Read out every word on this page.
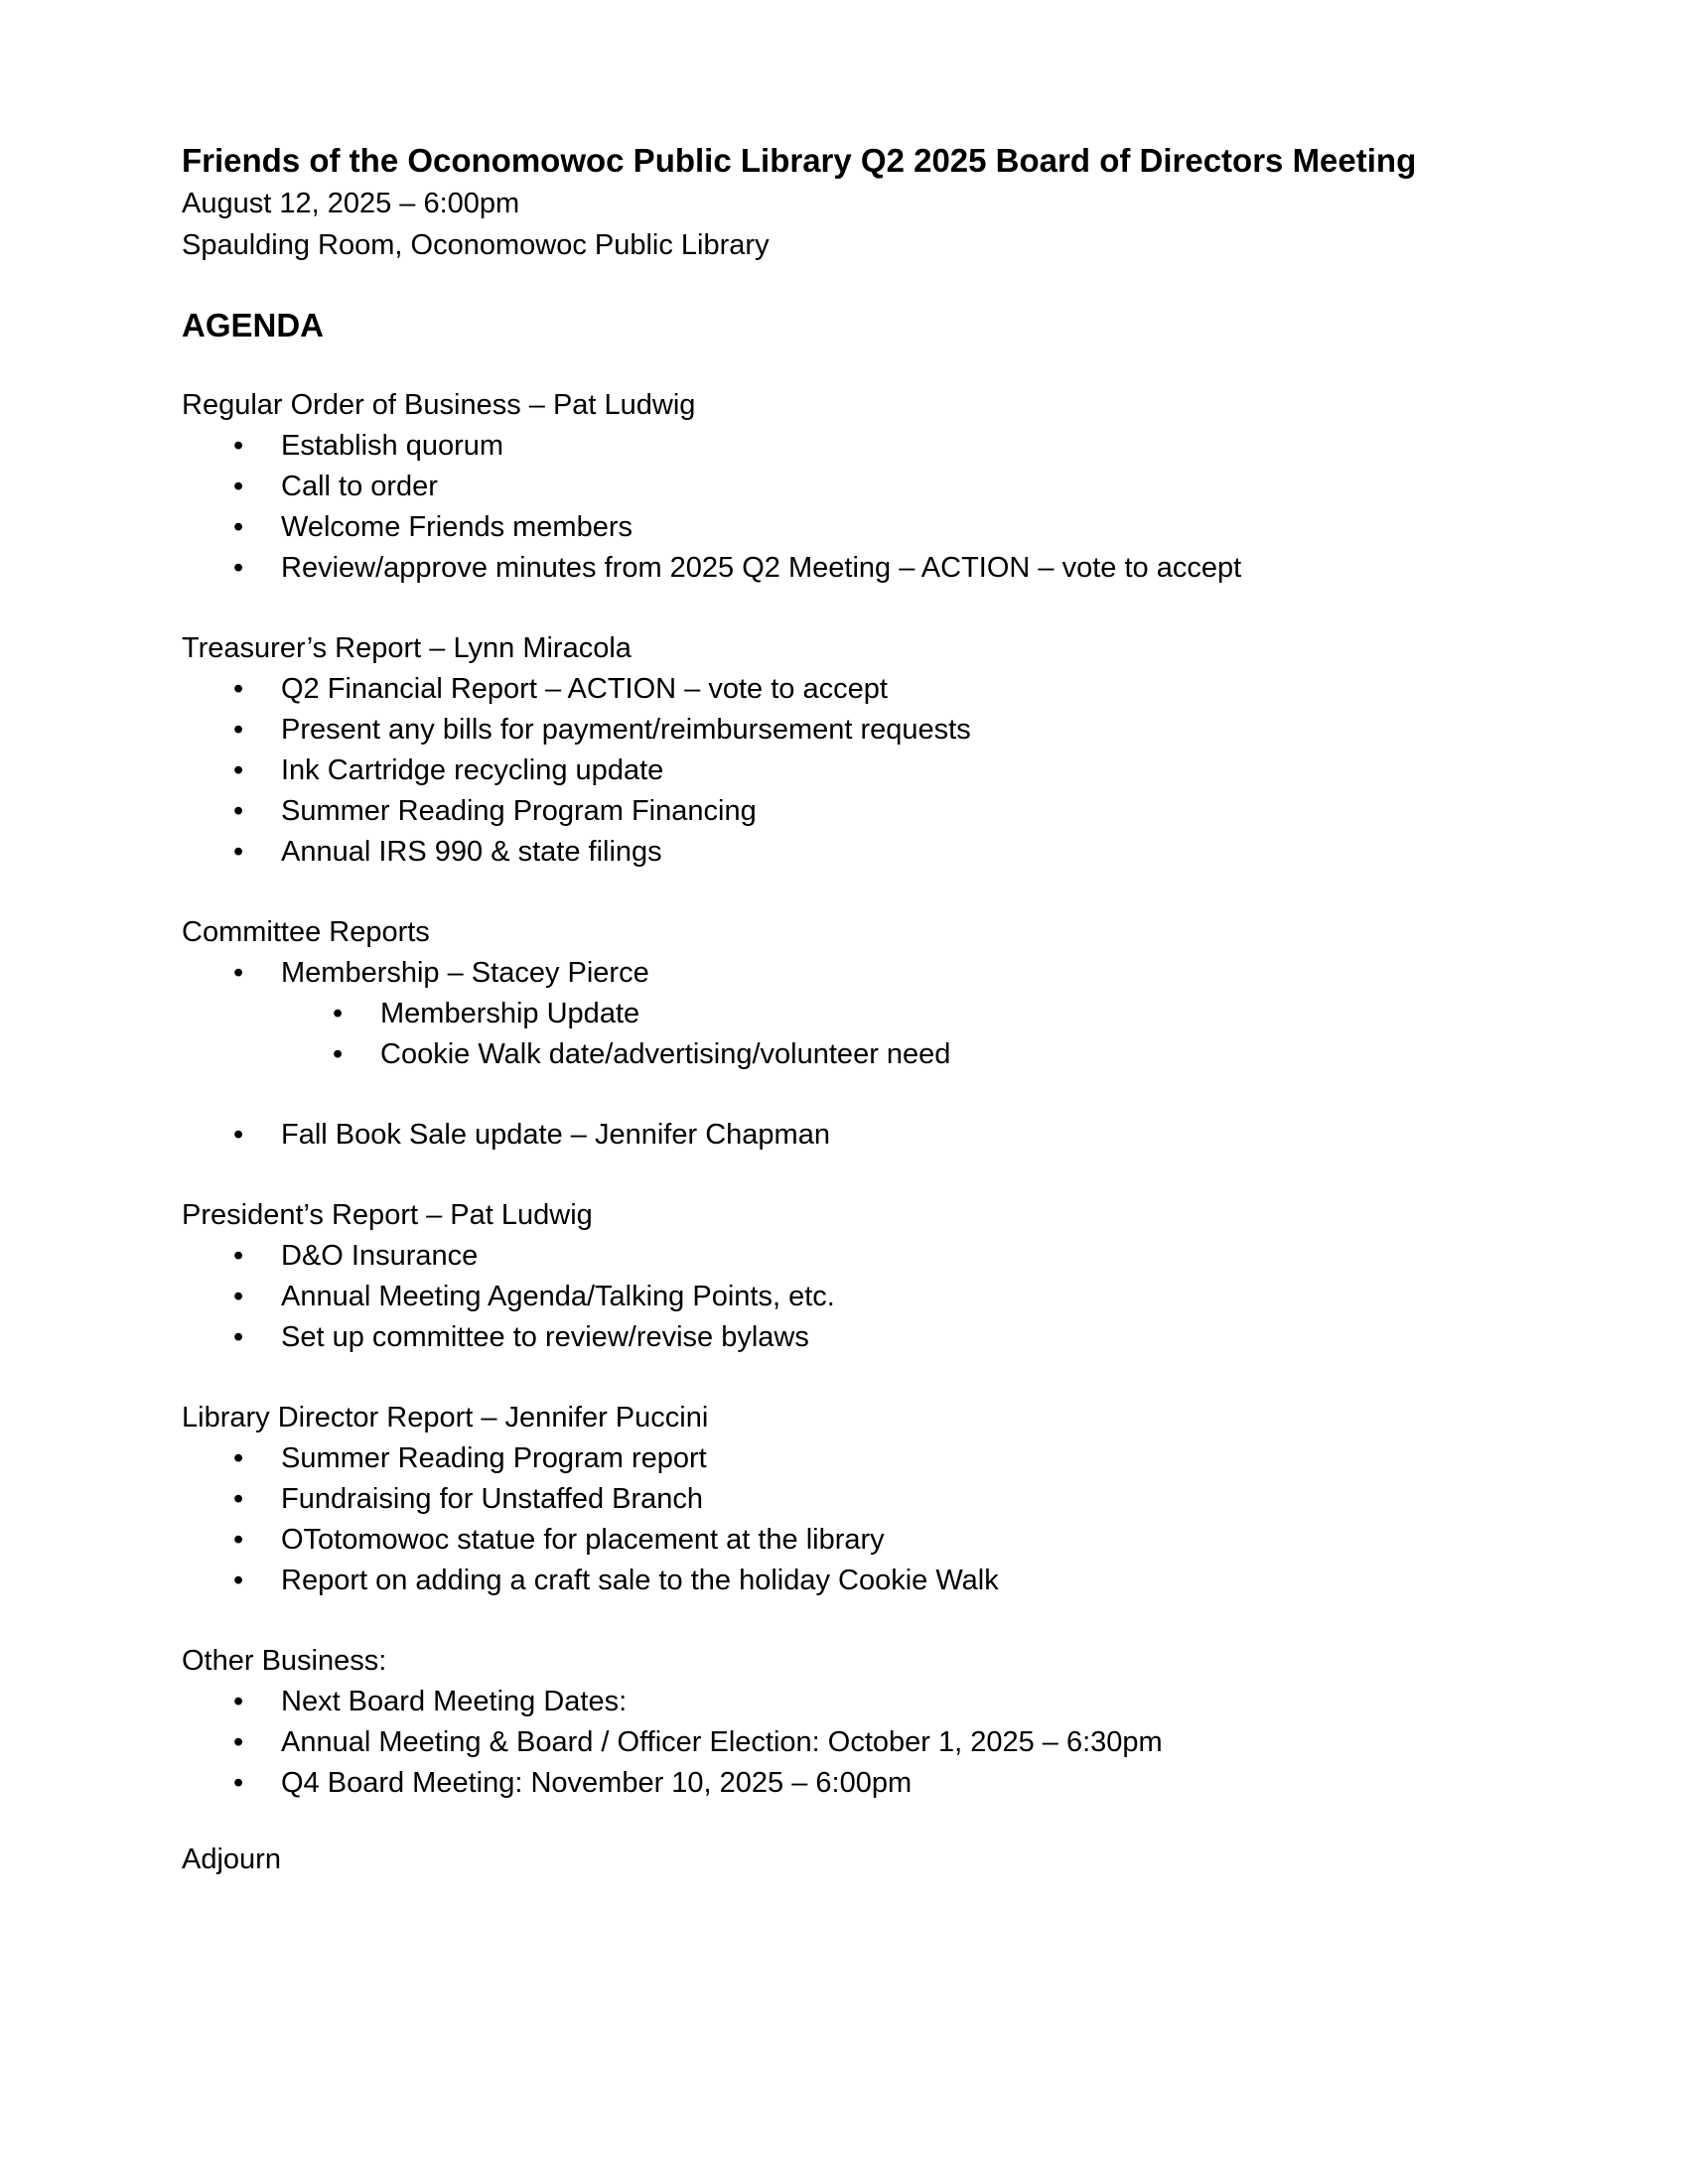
Friends of the Oconomowoc Public Library Q2 2025 Board of Directors Meeting

August 12, 2025 – 6:00pm

Spaulding Room, Oconomowoc Public Library

AGENDA

Regular Order of Business – Pat Ludwig

• Establish quorum
• Call to order
• Welcome Friends members
• Review/approve minutes from 2025 Q2 Meeting – ACTION – vote to accept

Treasurer’s Report – Lynn Miracola

• Q2 Financial Report – ACTION – vote to accept
• Present any bills for payment/reimbursement requests
• Ink Cartridge recycling update
• Summer Reading Program Financing
• Annual IRS 990 & state filings

Committee Reports

• Membership – Stacey Pierce
• Membership Update
• Cookie Walk date/advertising/volunteer need
• Fall Book Sale update – Jennifer Chapman

President’s Report – Pat Ludwig

• D&O Insurance
• Annual Meeting Agenda/Talking Points, etc.
• Set up committee to review/revise bylaws

Library Director Report – Jennifer Puccini

• Summer Reading Program report
• Fundraising for Unstaffed Branch
• OTotomowoc statue for placement at the library
• Report on adding a craft sale to the holiday Cookie Walk

Other Business:

• Next Board Meeting Dates:
• Annual Meeting & Board / Officer Election: October 1, 2025 – 6:30pm
• Q4 Board Meeting: November 10, 2025 – 6:00pm

Adjourn
